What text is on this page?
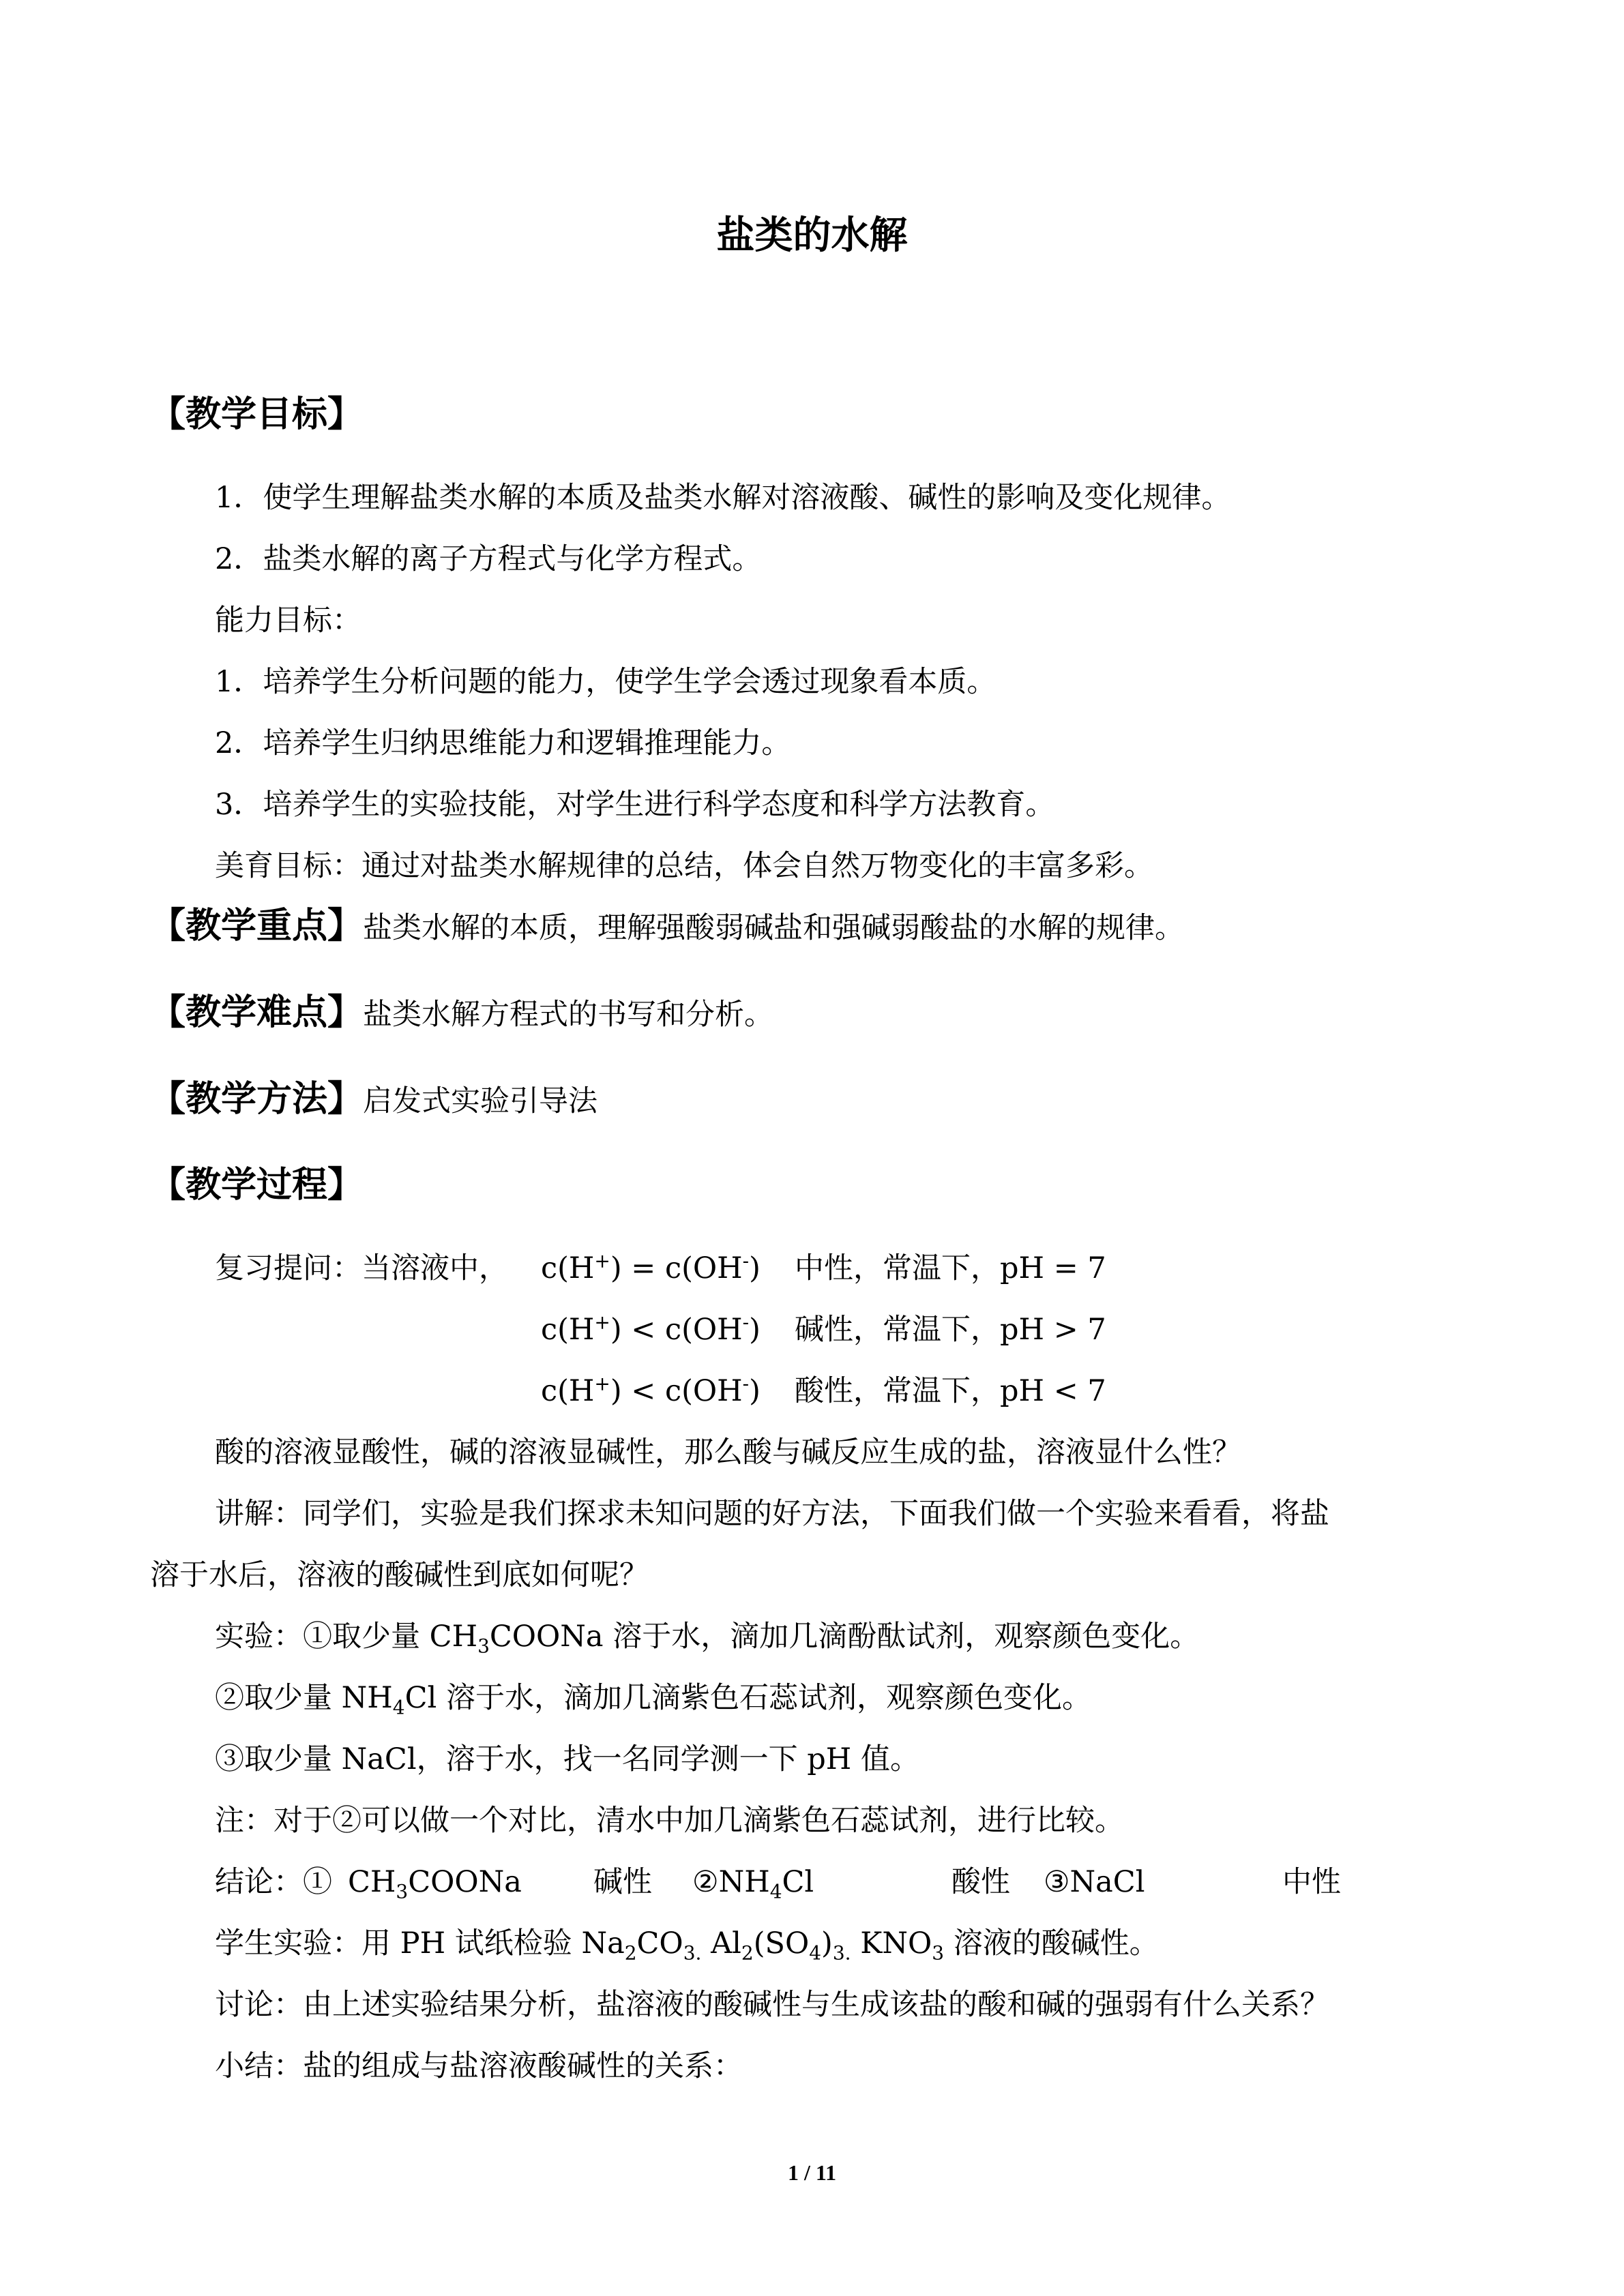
盐类的水解
【教学目标】
1．使学生理解盐类水解的本质及盐类水解对溶液酸、碱性的影响及变化规律。
2．盐类水解的离子方程式与化学方程式。
能力目标：
1．培养学生分析问题的能力，使学生学会透过现象看本质。
2．培养学生归纳思维能力和逻辑推理能力。
3．培养学生的实验技能，对学生进行科学态度和科学方法教育。
美育目标：通过对盐类水解规律的总结，体会自然万物变化的丰富多彩。
【教学重点】盐类水解的本质，理解强酸弱碱盐和强碱弱酸盐的水解的规律。
【教学难点】盐类水解方程式的书写和分析。
【教学方法】启发式实验引导法
【教学过程】
复习提问：当溶液中， c(H+) = c(OH-) 中性，常温下，pH = 7
c(H+) < c(OH-) 碱性，常温下，pH > 7
c(H+) < c(OH-) 酸性，常温下，pH < 7
酸的溶液显酸性，碱的溶液显碱性，那么酸与碱反应生成的盐，溶液显什么性？
讲解：同学们，实验是我们探求未知问题的好方法，下面我们做一个实验来看看，将盐
溶于水后，溶液的酸碱性到底如何呢？
实验：①取少量 $CH_3COONa$ 溶于水，滴加几滴酚酞试剂，观察颜色变化。
②取少量 $NH_4Cl$ 溶于水，滴加几滴紫色石蕊试剂，观察颜色变化。
③取少量 NaCl，溶于水，找一名同学测一下 pH 值。
注：对于②可以做一个对比，清水中加几滴紫色石蕊试剂，进行比较。
结论：① $CH_3COONa$ 碱性 $②NH_4Cl$	酸性 ③NaCl	中性
学生实验：用 PH 试纸检验 $Na_2CO_{3.}$ $Al_2(SO_4)_{3.}$ $KNO_3$ 溶液的酸碱性。
讨论：由上述实验结果分析，盐溶液的酸碱性与生成该盐的酸和碱的强弱有什么关系？
小结：盐的组成与盐溶液酸碱性的关系：
1 / 11
